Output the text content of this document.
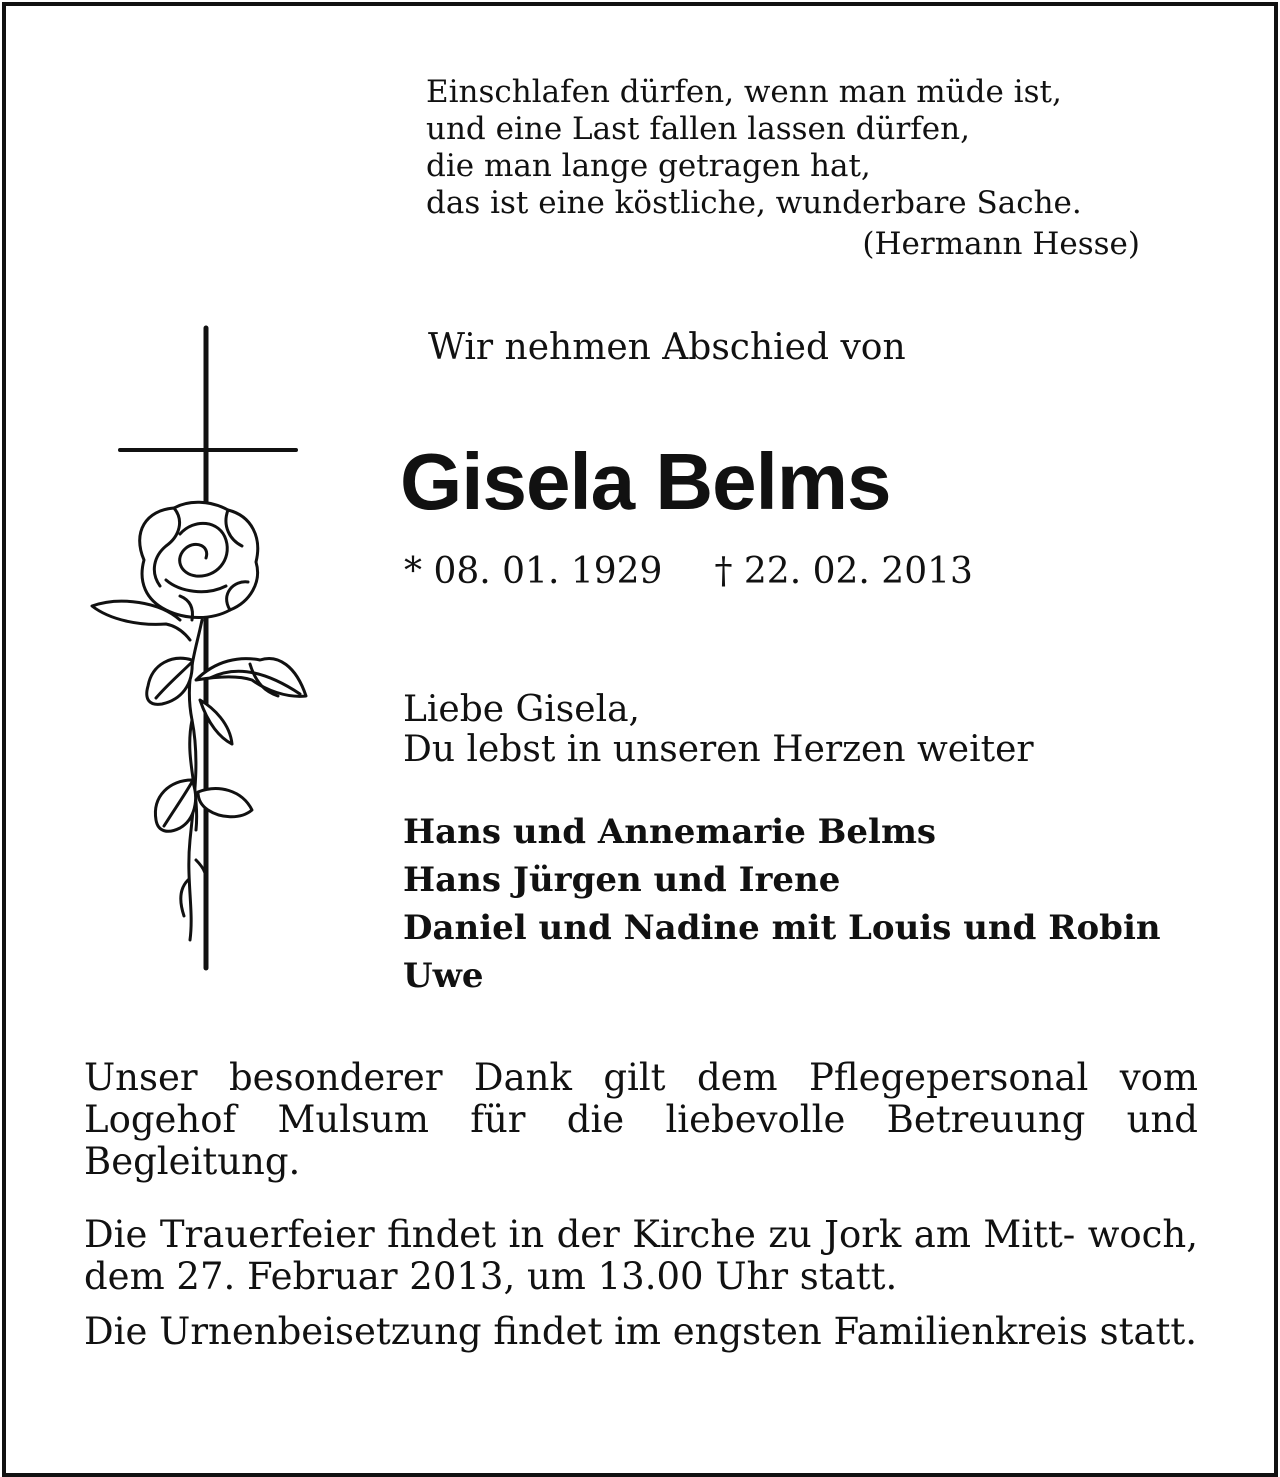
Einschlafen dürfen, wenn man müde ist,
und eine Last fallen lassen dürfen,
die man lange getragen hat,
das ist eine köstliche, wunderbare Sache.
(Hermann Hesse)
Wir nehmen Abschied von
Gisela Belms
* 08. 01. 1929 † 22. 02. 2013
Liebe Gisela,
Du lebst in unseren Herzen weiter
Hans und Annemarie Belms
Hans Jürgen und Irene
Daniel und Nadine mit Louis und Robin
Uwe

Unser besonderer Dank gilt dem Pflegepersonal vom Logehof Mulsum für die liebevolle Betreuung und Begleitung.

Die Trauerfeier findet in der Kirche zu Jork am Mitt- woch, dem 27. Februar 2013, um 13.00 Uhr statt.

Die Urnenbeisetzung findet im engsten Familienkreis statt.
